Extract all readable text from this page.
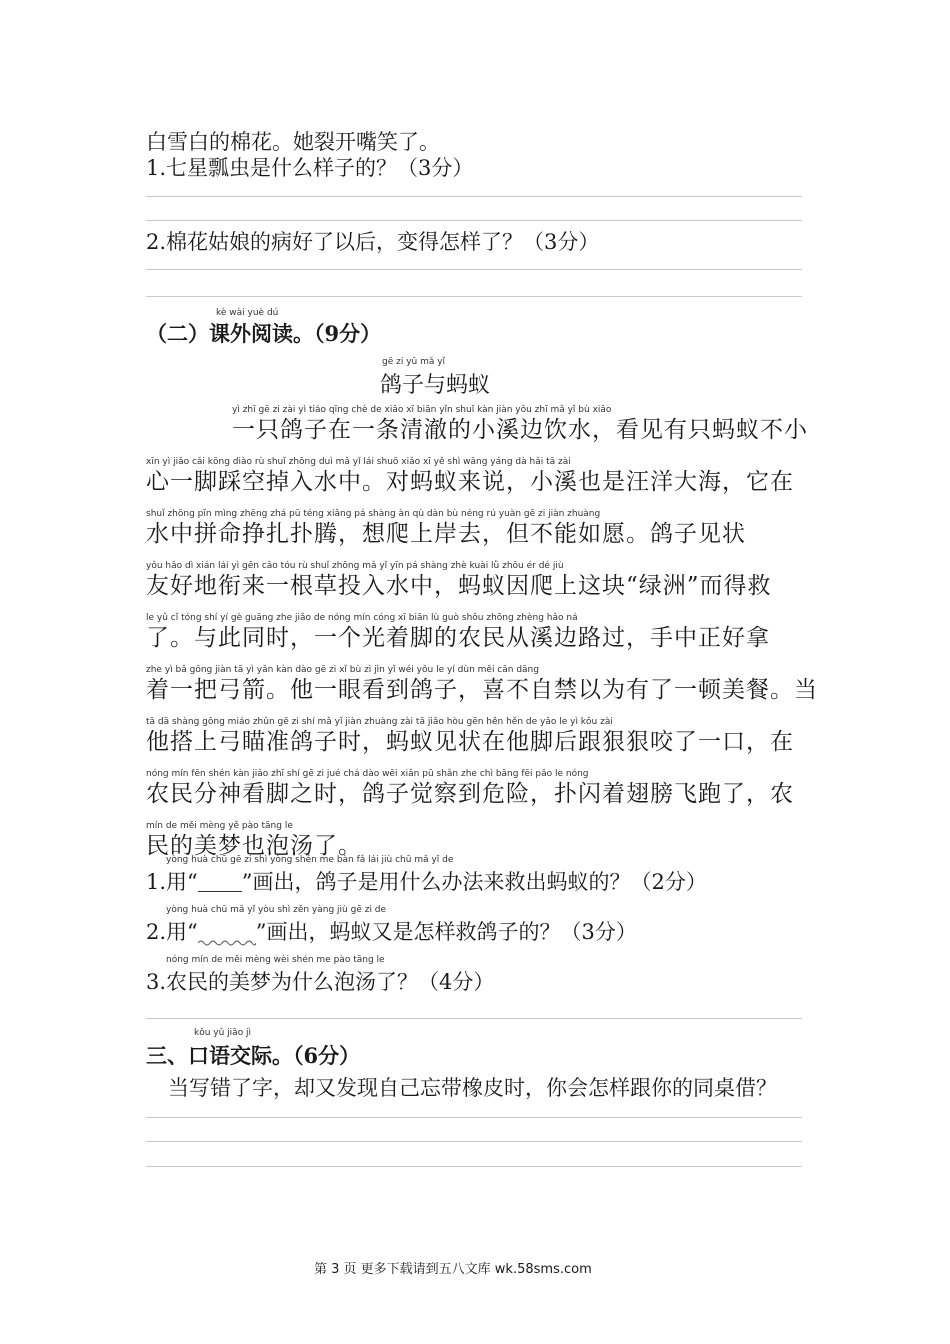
白雪白的棉花。她裂开嘴笑了。
1.七星瓢虫是什么样子的？（3分）
2.棉花姑娘的病好了以后，变得怎样了？（3分）
kè wài yuè dú
（二）课外阅读。（9分）
gē zi yǔ mǎ yǐ
鸽子与蚂蚁
yì zhī gē zi zài yì tiáo qīng chè de xiǎo xī biān yǐn shuǐ kàn jiàn yǒu zhī mǎ yǐ bù xiǎo
一只鸽子在一条清澈的小溪边饮水，看见有只蚂蚁不小
xīn yì jiǎo cǎi kōng diào rù shuǐ zhōng duì mǎ yǐ lái shuō xiǎo xī yě shì wāng yáng dà hǎi tā zài
心一脚踩空掉入水中。对蚂蚁来说，小溪也是汪洋大海，它在
shuǐ zhōng pīn mìng zhēng zhá pū téng xiǎng pá shàng àn qù dàn bù néng rú yuàn gē zi jiàn zhuàng
水中拼命挣扎扑腾，想爬上岸去，但不能如愿。鸽子见状
yǒu hǎo dì xián lái yì gēn cǎo tóu rù shuǐ zhōng mǎ yǐ yīn pá shàng zhè kuài lǜ zhōu ér dé jiù
友好地衔来一根草投入水中，蚂蚁因爬上这块“绿洲”而得救
le yǔ cǐ tóng shí yí gè guāng zhe jiǎo de nóng mín cóng xī biān lù guò shǒu zhōng zhèng hǎo ná
了。与此同时，一个光着脚的农民从溪边路过，手中正好拿
zhe yì bǎ gōng jiàn tā yì yǎn kàn dào gē zi xǐ bù zì jìn yǐ wéi yǒu le yí dùn měi cān dāng
着一把弓箭。他一眼看到鸽子，喜不自禁以为有了一顿美餐。当
tā dā shàng gōng miáo zhǔn gē zi shí mǎ yǐ jiàn zhuàng zài tā jiǎo hòu gēn hěn hěn de yǎo le yì kǒu zài
他搭上弓瞄准鸽子时，蚂蚁见状在他脚后跟狠狠咬了一口，在
nóng mín fēn shén kàn jiǎo zhī shí gē zi jué chá dào wēi xiǎn pū shǎn zhe chì bǎng fēi pǎo le nóng
农民分神看脚之时，鸽子觉察到危险，扑闪着翅膀飞跑了，农
mín de měi mèng yě pào tāng le
民的美梦也泡汤了。
yòng huà chū gē zi shì yòng shén me bàn fǎ lái jiù chū mǎ yǐ de
1.用“ ”画出，鸽子是用什么办法来救出蚂蚁的？（2分）
yòng huà chū mǎ yǐ yòu shì zěn yàng jiù gē zi de
2.用“	”画出，蚂蚁又是怎样救鸽子的？（3分）
nóng mín de měi mèng wèi shén me pào tāng le
3.农民的美梦为什么泡汤了？（4分）
kǒu yǔ jiāo jì
三、口语交际。（6分）
当写错了字，却又发现自己忘带橡皮时，你会怎样跟你的同桌借？
第 3 页 更多下载请到五八文库 wk.58sms.com
